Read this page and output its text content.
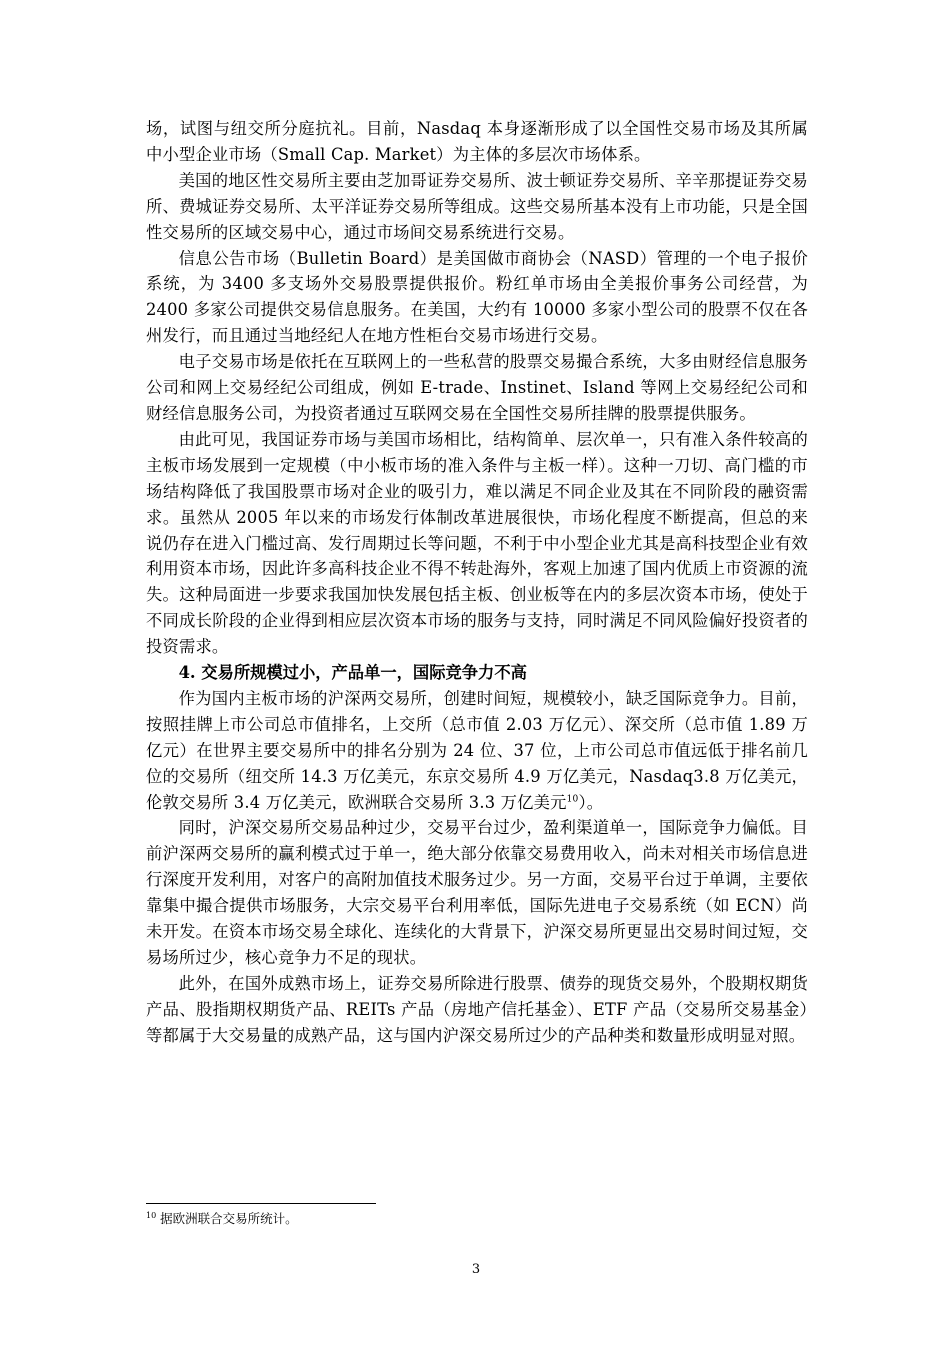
场，试图与纽交所分庭抗礼。目前，Nasdaq 本身逐渐形成了以全国性交易市场及其所属中小型企业市场（Small Cap. Market）为主体的多层次市场体系。

美国的地区性交易所主要由芝加哥证券交易所、波士顿证券交易所、辛辛那提证券交易所、费城证券交易所、太平洋证券交易所等组成。这些交易所基本没有上市功能，只是全国性交易所的区域交易中心，通过市场间交易系统进行交易。

信息公告市场（Bulletin Board）是美国做市商协会（NASD）管理的一个电子报价系统，为 3400 多支场外交易股票提供报价。粉红单市场由全美报价事务公司经营，为 2400 多家公司提供交易信息服务。在美国，大约有 10000 多家小型公司的股票不仅在各州发行，而且通过当地经纪人在地方性柜台交易市场进行交易。

电子交易市场是依托在互联网上的一些私营的股票交易撮合系统，大多由财经信息服务公司和网上交易经纪公司组成，例如 E-trade、Instinet、Island 等网上交易经纪公司和财经信息服务公司，为投资者通过互联网交易在全国性交易所挂牌的股票提供服务。

由此可见，我国证券市场与美国市场相比，结构简单、层次单一，只有准入条件较高的主板市场发展到一定规模（中小板市场的准入条件与主板一样）。这种一刀切、高门槛的市场结构降低了我国股票市场对企业的吸引力，难以满足不同企业及其在不同阶段的融资需求。虽然从 2005 年以来的市场发行体制改革进展很快，市场化程度不断提高，但总的来说仍存在进入门槛过高、发行周期过长等问题，不利于中小型企业尤其是高科技型企业有效利用资本市场，因此许多高科技企业不得不转赴海外，客观上加速了国内优质上市资源的流失。这种局面进一步要求我国加快发展包括主板、创业板等在内的多层次资本市场，使处于不同成长阶段的企业得到相应层次资本市场的服务与支持，同时满足不同风险偏好投资者的投资需求。

4. 交易所规模过小，产品单一，国际竞争力不高

作为国内主板市场的沪深两交易所，创建时间短，规模较小，缺乏国际竞争力。目前，按照挂牌上市公司总市值排名，上交所（总市值 2.03 万亿元）、深交所（总市值 1.89 万亿元）在世界主要交易所中的排名分别为 24 位、37 位，上市公司总市值远低于排名前几位的交易所（纽交所 14.3 万亿美元，东京交易所 4.9 万亿美元，Nasdaq3.8 万亿美元，伦敦交易所 3.4 万亿美元，欧洲联合交易所 3.3 万亿美元$^{10}$）。

同时，沪深交易所交易品种过少，交易平台过少，盈利渠道单一，国际竞争力偏低。目前沪深两交易所的赢利模式过于单一，绝大部分依靠交易费用收入，尚未对相关市场信息进行深度开发利用，对客户的高附加值技术服务过少。另一方面，交易平台过于单调，主要依靠集中撮合提供市场服务，大宗交易平台利用率低，国际先进电子交易系统（如 ECN）尚未开发。在资本市场交易全球化、连续化的大背景下，沪深交易所更显出交易时间过短，交易场所过少，核心竞争力不足的现状。

此外，在国外成熟市场上，证券交易所除进行股票、债券的现货交易外，个股期权期货产品、股指期权期货产品、REITs 产品（房地产信托基金）、ETF 产品（交易所交易基金）等都属于大交易量的成熟产品，这与国内沪深交易所过少的产品种类和数量形成明显对照。

$^{10}$ 据欧洲联合交易所统计。
3
